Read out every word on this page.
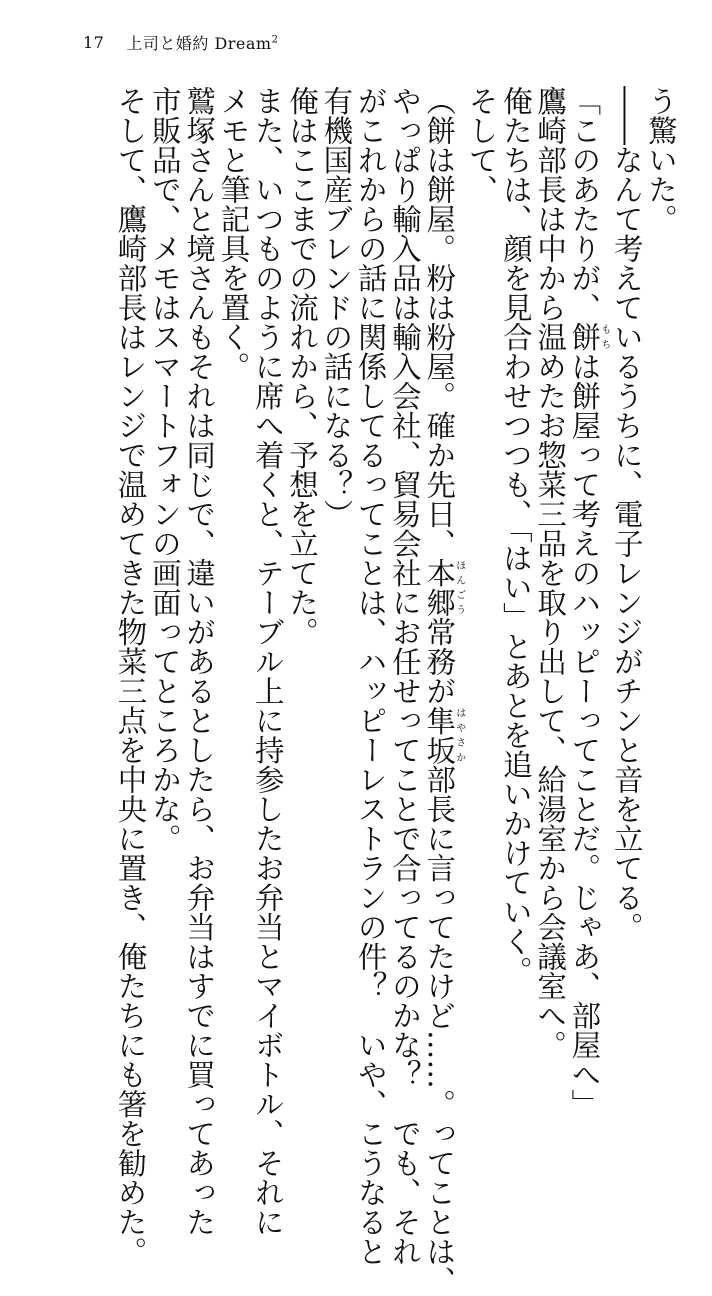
17 上司と婚約 Dream$^2$

う驚いた。

――なんて考えているうちに、電子レンジがチンと音を立てる。

「このあたりが、餅もちは餅屋って考えのハッピーってことだ。じゃあ、部屋へ」

鷹崎部長は中から温めたお惣菜三品を取り出して、給湯室から会議室へ。

俺たちは、顔を見合わせつつも、「はい」とあとを追いかけていく。

そして、

（餅は餅屋。粉は粉屋。確か先日、本郷ほんごう常務が隼坂はやさか部長に言ってたけど……。ってことは、

やっぱり輸入品は輸入会社、貿易会社にお任せってことで合ってるのかな？　でも、それ

がこれからの話に関係してるってことは、ハッピーレストランの件？　いや、こうなると

有機国産ブレンドの話になる？）

俺はここまでの流れから、予想を立てた。

また、いつものように席へ着くと、テーブル上に持参したお弁当とマイボトル、それに

メモと筆記具を置く。

鷲塚さんと境さんもそれは同じで、違いがあるとしたら、お弁当はすでに買ってあった

市販品で、メモはスマートフォンの画面ってところかな。

そして、鷹崎部長はレンジで温めてきた物菜三点を中央に置き、俺たちにも箸を勧めた。
